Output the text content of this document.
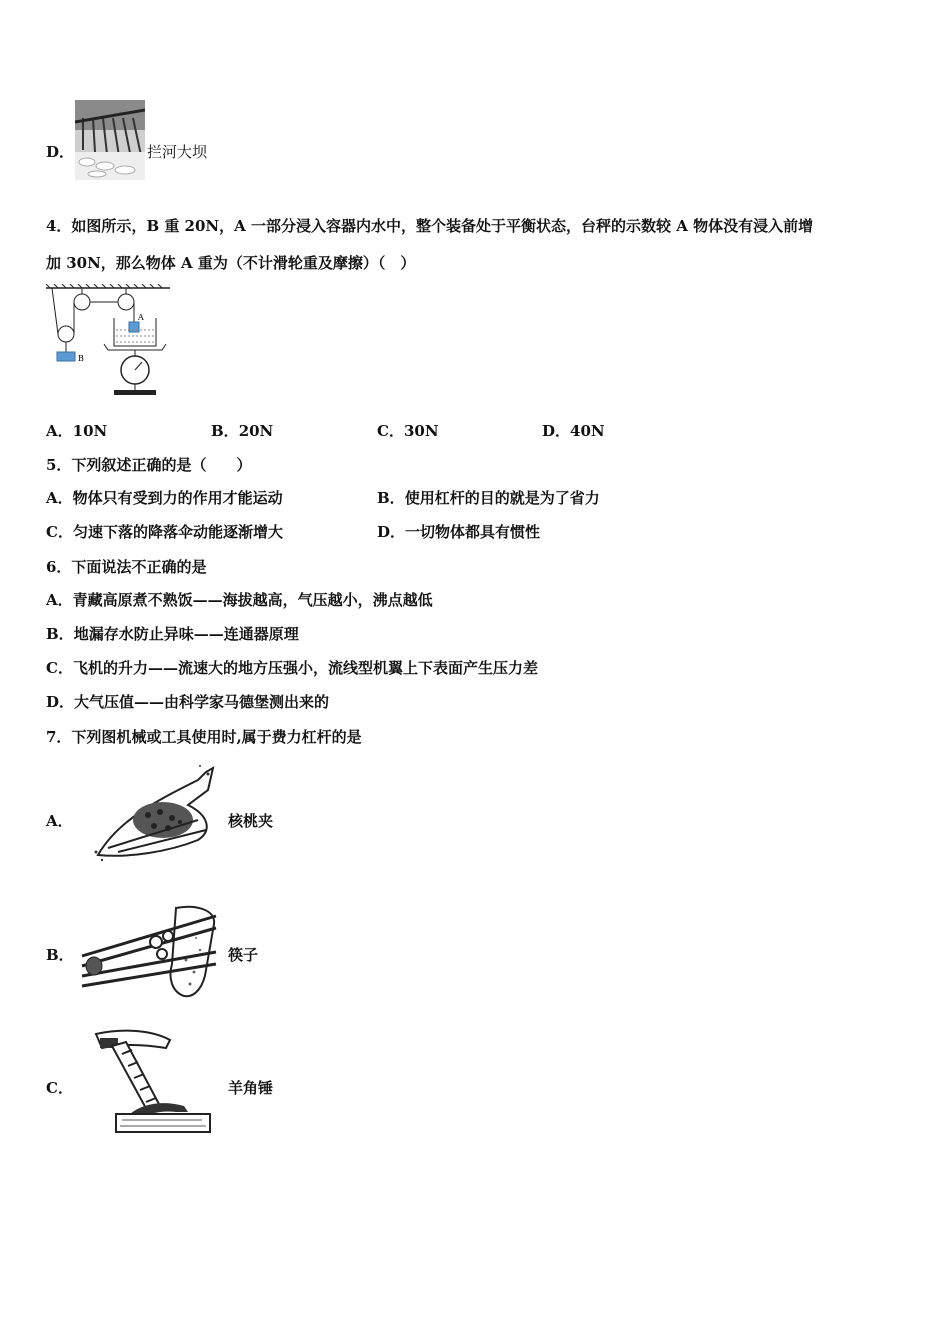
D．	拦河大坝
4．如图所示，B 重 20N，A 一部分浸入容器内水中，整个装备处于平衡状态，台秤的示数较 A 物体没有浸入前增
加 30N，那么物体 A 重为（不计滑轮重及摩擦）（　）
B
A
A．10N	B．20N	C．30N	D．40N
5．下列叙述正确的是（　　）
A．物体只有受到力的作用才能运动	B．使用杠杆的目的就是为了省力
C．匀速下落的降落伞动能逐渐增大	D．一切物体都具有惯性
6．下面说法不正确的是
A．青藏高原煮不熟饭——海拔越高，气压越小，沸点越低
B．地漏存水防止异味——连通器原理
C．飞机的升力——流速大的地方压强小，流线型机翼上下表面产生压力差
D．大气压值——由科学家马德堡测出来的
7．下列图机械或工具使用时,属于费力杠杆的是
A．	核桃夹
B．	筷子
C．	羊角锤
